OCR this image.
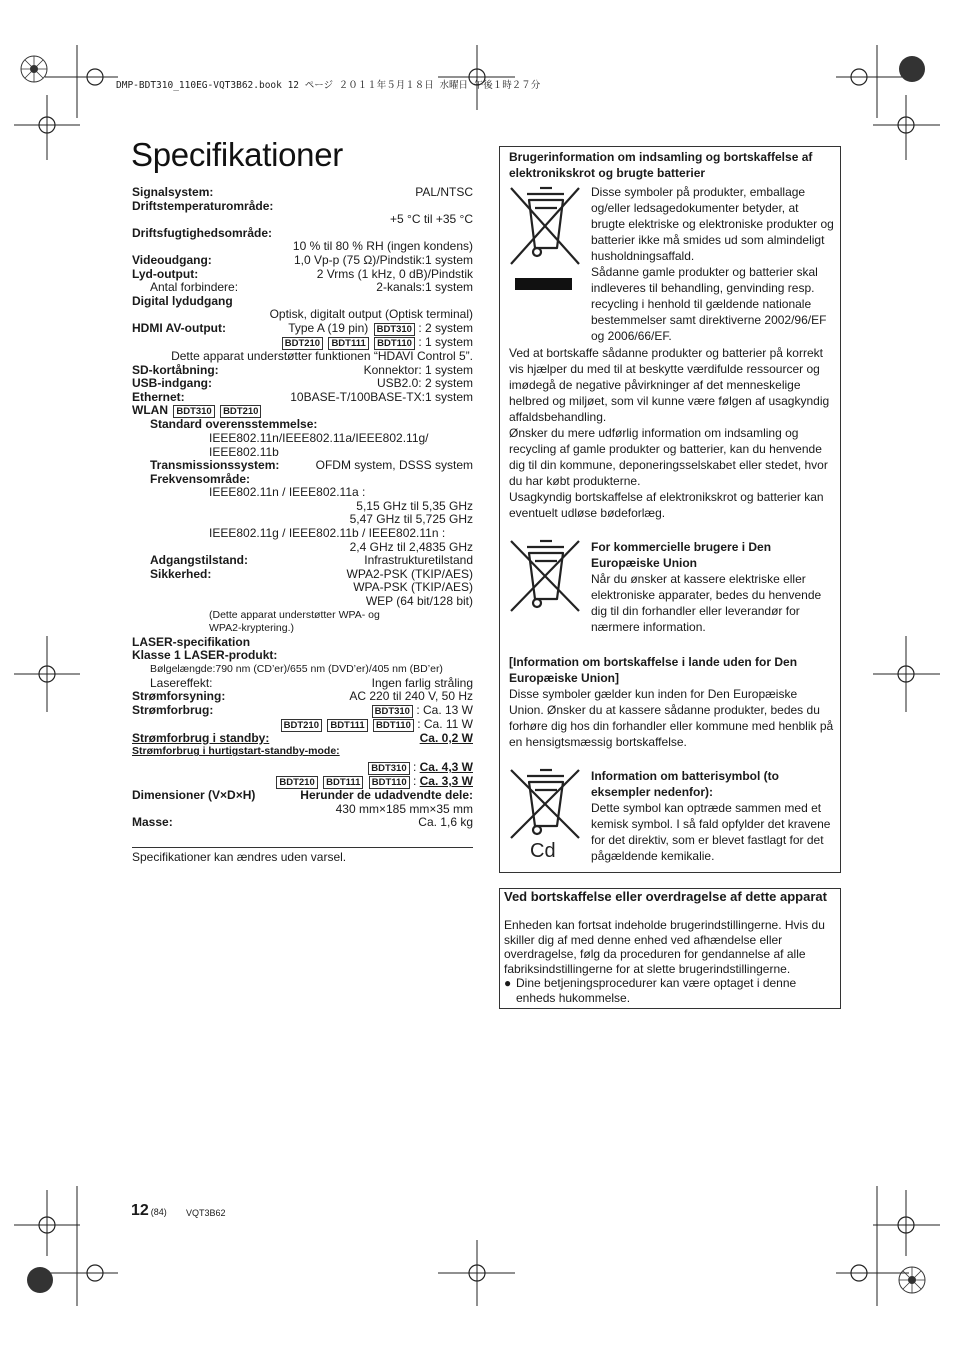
DMP-BDT310_110EG-VQT3B62.book 12 ページ ２０１１年５月１８日 水曜日 午後１時２７分
Specifikationer
Signalsystem:	PAL/NTSC
Driftstemperaturområde:
+5 °C til +35 °C
Driftsfugtighedsområde:
10 % til 80 % RH (ingen kondens)
Videoudgang:	1,0 Vp-p (75 Ω)/Pindstik:1 system
Lyd-output:	2 Vrms (1 kHz, 0 dB)/Pindstik
Antal forbindere:	2-kanals:1 system
Digital lydudgang
Optisk, digitalt output (Optisk terminal)
HDMI AV-output:	Type A (19 pin) BDT310 : 2 system
BDT210 BDT111 BDT110 : 1 system
Dette apparat understøtter funktionen “HDAVI Control 5”.
SD-kortåbning:	Konnektor: 1 system
USB-indgang:	USB2.0: 2 system
Ethernet:	10BASE-T/100BASE-TX:1 system
WLAN BDT310 BDT210
Standard overensstemmelse:
IEEE802.11n/IEEE802.11a/IEEE802.11g/
IEEE802.11b
Transmissionssystem:	OFDM system, DSSS system
Frekvensområde:
IEEE802.11n / IEEE802.11a :
5,15 GHz til 5,35 GHz
5,47 GHz til 5,725 GHz
IEEE802.11g / IEEE802.11b / IEEE802.11n :
2,4 GHz til 2,4835 GHz
Adgangstilstand:	Infrastrukturetilstand
Sikkerhed:	WPA2-PSK (TKIP/AES)
WPA-PSK (TKIP/AES)
WEP (64 bit/128 bit)
(Dette apparat understøtter WPA- og
WPA2-kryptering.)
LASER-specifikation
Klasse 1 LASER-produkt:
Bølgelængde:790 nm (CD’er)/655 nm (DVD’er)/405 nm (BD’er)
Lasereffekt:	Ingen farlig stråling
Strømforsyning:	AC 220 til 240 V, 50 Hz
Strømforbrug:	BDT310 : Ca. 13 W
BDT210 BDT111 BDT110 : Ca. 11 W
Strømforbrug i standby:	Ca. 0,2 W
Strømforbrug i hurtigstart-standby-mode:
BDT310 : Ca. 4,3 W
BDT210 BDT111 BDT110 : Ca. 3,3 W
Dimensioner (V×D×H)	Herunder de udadvendte dele:
430 mm×185 mm×35 mm
Masse:	Ca. 1,6 kg
Specifikationer kan ændres uden varsel.
Brugerinformation om indsamling og bortskaffelse af elektronikskrot og brugte batterier
Disse symboler på produkter, emballage og/eller ledsagedokumenter betyder, at brugte elektriske og elektroniske produkter og batterier ikke må smides ud som almindeligt husholdningsaffald.
Sådanne gamle produkter og batterier skal indleveres til behandling, genvinding resp. recycling i henhold til gældende nationale bestemmelser samt direktiverne 2002/96/EF og 2006/66/EF.
Ved at bortskaffe sådanne produkter og batterier på korrekt vis hjælper du med til at beskytte værdifulde ressourcer og imødegå de negative påvirkninger af det menneskelige helbred og miljøet, som vil kunne være følgen af usagkyndig affaldsbehandling.
Ønsker du mere udførlig information om indsamling og recycling af gamle produkter og batterier, kan du henvende dig til din kommune, deponeringsselskabet eller stedet, hvor du har købt produkterne.
Usagkyndig bortskaffelse af elektronikskrot og batterier kan eventuelt udløse bødeforlæg.
For kommercielle brugere i Den Europæiske Union
Når du ønsker at kassere elektriske eller elektroniske apparater, bedes du henvende dig til din forhandler eller leverandør for nærmere information.
[Information om bortskaffelse i lande uden for Den Europæiske Union]
Disse symboler gælder kun inden for Den Europæiske Union. Ønsker du at kassere sådanne produkter, bedes du forhøre dig hos din forhandler eller kommune med henblik på en hensigtsmæssig bortskaffelse.
Cd
Information om batterisymbol (to eksempler nedenfor):
Dette symbol kan optræde sammen med et kemisk symbol. I så fald opfylder det kravene for det direktiv, som er blevet fastlagt for det pågældende kemikalie.
Ved bortskaffelse eller overdragelse af dette apparat
Enheden kan fortsat indeholde brugerindstillingerne. Hvis du skiller dig af med denne enhed ved afhændelse eller overdragelse, følg da proceduren for gendannelse af alle fabriksindstillingerne for at slette brugerindstillingerne.
● Dine betjeningsprocedurer kan være optaget i denne enheds hukommelse.
12 (84) VQT3B62
